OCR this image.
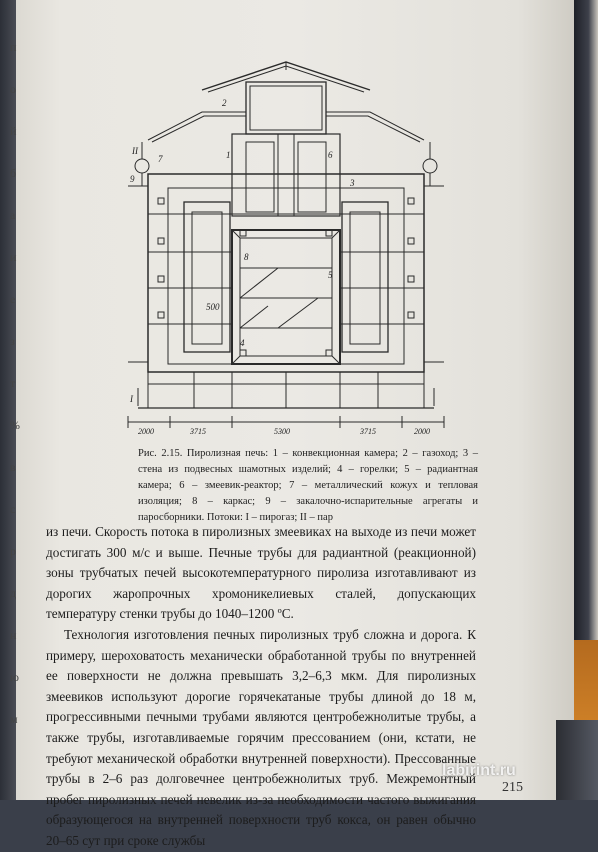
п
о
й
б
а
и
е
з
т
%
в
с
р
д
н
ю
м
2
1	6
3
7
9
8
5
4
II
I
500
2000	3715	5300	3715	2000
Рис. 2.15. Пиролизная печь: 1 – конвекционная камера; 2 – газоход; 3 – стена из подвесных шамотных изделий; 4 – горелки; 5 – радиантная камера; 6 – змеевик-реактор; 7 – металлический кожух и тепловая изоляция; 8 – каркас; 9 – закалочно-испарительные агрегаты и паросборники. Потоки: I – пирогаз; II – пар

из печи. Скорость потока в пиролизных змеевиках на выходе из печи может достигать 300 м/с и выше. Печные трубы для радиантной (реакционной) зоны трубчатых печей высокотемпературного пиролиза изготавливают из дорогих жаропрочных хромоникелиевых сталей, допускающих температуру стенки трубы до 1040–1200 ºС.

Технология изготовления печных пиролизных труб сложна и дорога. К примеру, шероховатость механически обработанной трубы по внутренней ее поверхности не должна превышать 3,2–6,3 мкм. Для пиролизных змеевиков используют дорогие горячекатаные трубы длиной до 18 м, прогрессивными печными трубами являются центробежнолитые трубы, а также трубы, изготавливаемые горячим прессованием (они, кстати, не требуют механической обработки внутренней поверхности). Прессованные трубы в 2–6 раз долговечнее центробежнолитых труб. Межремонтный пробег пиролизных печей невелик из-за необходимости частого выжигания образующегося на внутренней поверхности труб кокса, он равен обычно 20–65 сут при сроке службы

215
labirint.ru
